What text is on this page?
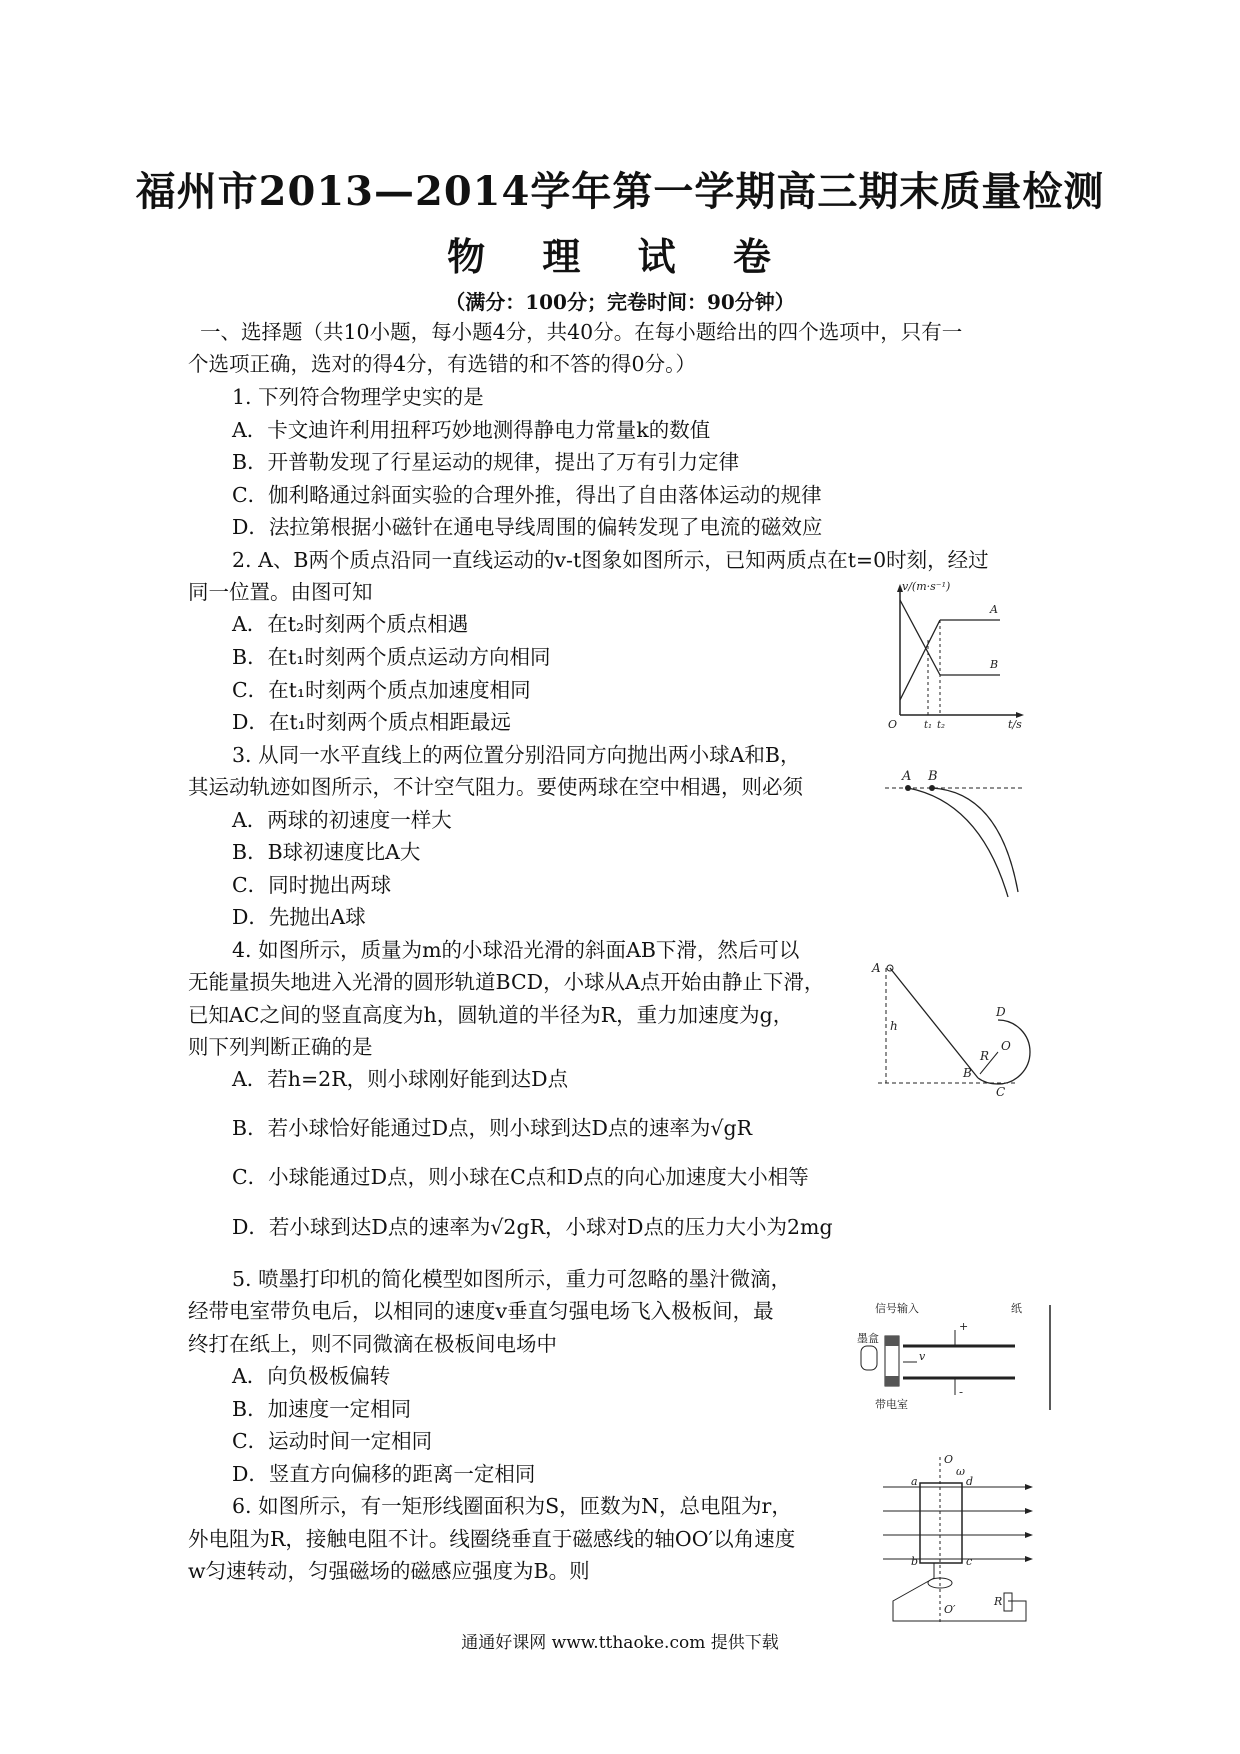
福州市2013—2014学年第一学期高三期末质量检测
物 理 试 卷
（满分：100分；完卷时间：90分钟）
一、选择题（共10小题，每小题4分，共40分。在每小题给出的四个选项中，只有一
个选项正确，选对的得4分，有选错的和不答的得0分。）
1. 下列符合物理学史实的是
A．卡文迪许利用扭秤巧妙地测得静电力常量k的数值
B．开普勒发现了行星运动的规律，提出了万有引力定律
C．伽利略通过斜面实验的合理外推，得出了自由落体运动的规律
D．法拉第根据小磁针在通电导线周围的偏转发现了电流的磁效应
2. A、B两个质点沿同一直线运动的v-t图象如图所示，已知两质点在t=0时刻，经过
同一位置。由图可知
A．在t₂时刻两个质点相遇
B．在t₁时刻两个质点运动方向相同
C．在t₁时刻两个质点加速度相同
D．在t₁时刻两个质点相距最远
v/(m·s⁻¹)
t/s
O	t₁ t₂
A
B
3. 从同一水平直线上的两位置分别沿同方向抛出两小球A和B，
其运动轨迹如图所示，不计空气阻力。要使两球在空中相遇，则必须
A．两球的初速度一样大
B．B球初速度比A大
C．同时抛出两球
D．先抛出A球
A B
4. 如图所示，质量为m的小球沿光滑的斜面AB下滑，然后可以
无能量损失地进入光滑的圆形轨道BCD，小球从A点开始由静止下滑，
已知AC之间的竖直高度为h，圆轨道的半径为R，重力加速度为g，
则下列判断正确的是
A．若h=2R，则小球刚好能到达D点
B．若小球恰好能通过D点，则小球到达D点的速率为√gR
C．小球能通过D点，则小球在C点和D点的向心加速度大小相等
D．若小球到达D点的速率为√2gR，小球对D点的压力大小为2mg
A
B
C
D
O
R
h
5. 喷墨打印机的简化模型如图所示，重力可忽略的墨汁微滴，
经带电室带负电后，以相同的速度v垂直匀强电场飞入极板间，最
终打在纸上，则不同微滴在极板间电场中
A．向负极板偏转
B．加速度一定相同
C．运动时间一定相同
D．竖直方向偏移的距离一定相同
信号输入	纸
墨盒
带电室
+
-
v
6. 如图所示，有一矩形线圈面积为S，匝数为N，总电阻为r，
外电阻为R，接触电阻不计。线圈绕垂直于磁感线的轴OO′以角速度
w匀速转动，匀强磁场的磁感应强度为B。则
O
ω
a	d
b	c
O′
R
通通好课网 www.tthaoke.com 提供下载
